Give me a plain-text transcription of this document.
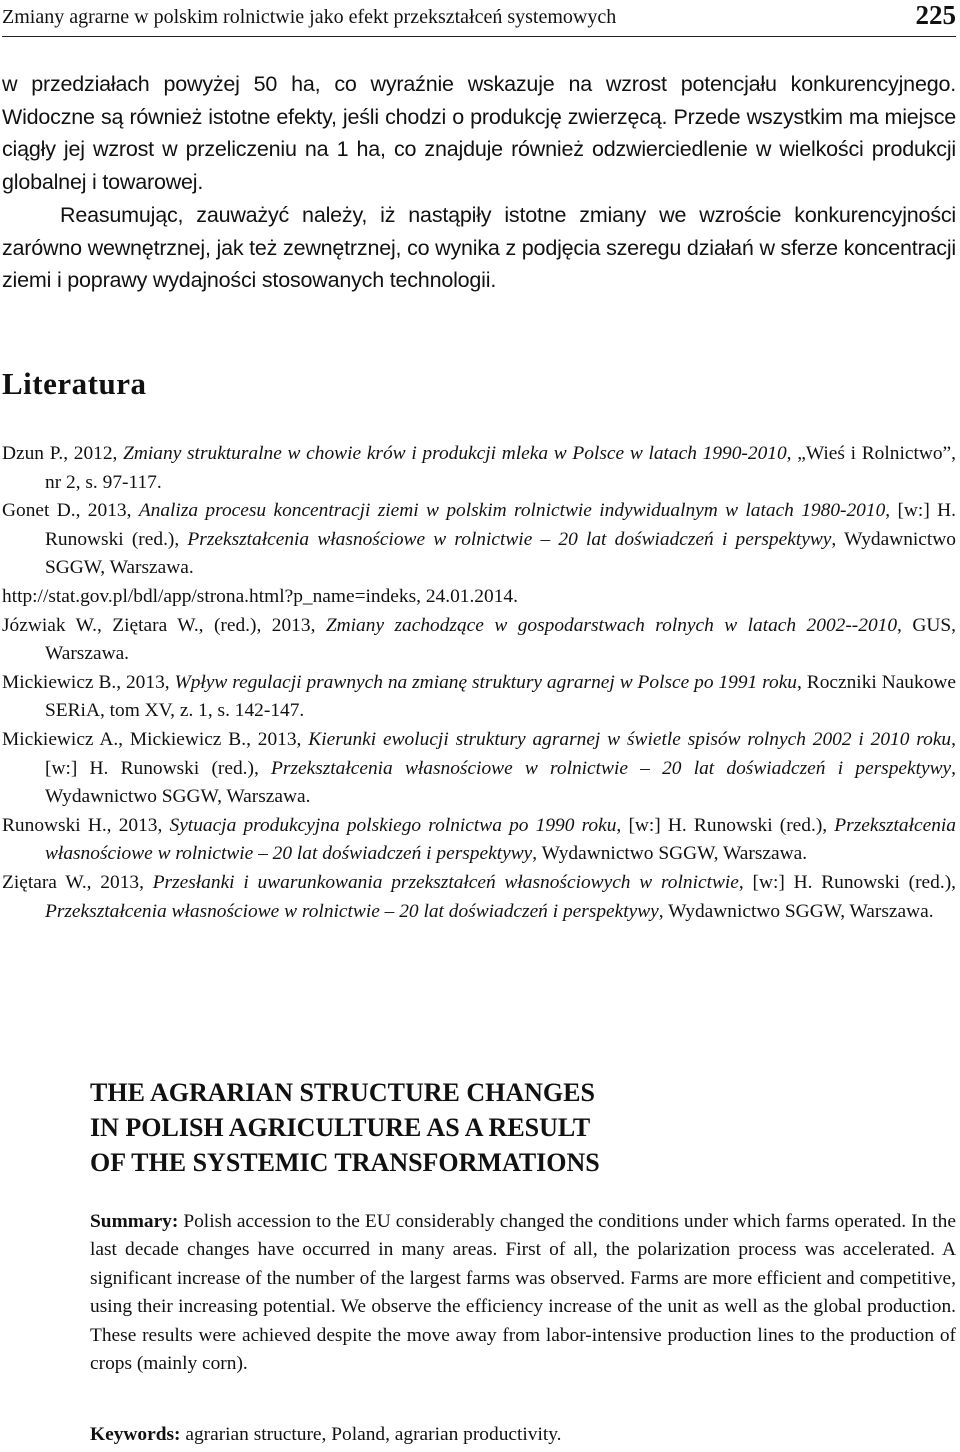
Zmiany agrarne w polskim rolnictwie jako efekt przekształceń systemowych	225

w przedziałach powyżej 50 ha, co wyraźnie wskazuje na wzrost potencjału konkurencyjnego. Widoczne są również istotne efekty, jeśli chodzi o produkcję zwierzęcą. Przede wszystkim ma miejsce ciągły jej wzrost w przeliczeniu na 1 ha, co znajduje również odzwierciedlenie w wielkości produkcji globalnej i towarowej.

Reasumując, zauważyć należy, iż nastąpiły istotne zmiany we wzroście konkurencyjności zarówno wewnętrznej, jak też zewnętrznej, co wynika z podjęcia szeregu działań w sferze koncentracji ziemi i poprawy wydajności stosowanych technologii.

Literatura

Dzun P., 2012, Zmiany strukturalne w chowie krów i produkcji mleka w Polsce w latach 1990-2010, „Wieś i Rolnictwo”, nr 2, s. 97-117.

Gonet D., 2013, Analiza procesu koncentracji ziemi w polskim rolnictwie indywidualnym w latach 1980-2010, [w:] H. Runowski (red.), Przekształcenia własnościowe w rolnictwie – 20 lat doświadczeń i perspektywy, Wydawnictwo SGGW, Warszawa.

http://stat.gov.pl/bdl/app/strona.html?p_name=indeks, 24.01.2014.

Józwiak W., Ziętara W., (red.), 2013, Zmiany zachodzące w gospodarstwach rolnych w latach 2002--2010, GUS, Warszawa.

Mickiewicz B., 2013, Wpływ regulacji prawnych na zmianę struktury agrarnej w Polsce po 1991 roku, Roczniki Naukowe SERiA, tom XV, z. 1, s. 142-147.

Mickiewicz A., Mickiewicz B., 2013, Kierunki ewolucji struktury agrarnej w świetle spisów rolnych 2002 i 2010 roku, [w:] H. Runowski (red.), Przekształcenia własnościowe w rolnictwie – 20 lat doświadczeń i perspektywy, Wydawnictwo SGGW, Warszawa.

Runowski H., 2013, Sytuacja produkcyjna polskiego rolnictwa po 1990 roku, [w:] H. Runowski (red.), Przekształcenia własnościowe w rolnictwie – 20 lat doświadczeń i perspektywy, Wydawnictwo SGGW, Warszawa.

Ziętara W., 2013, Przesłanki i uwarunkowania przekształceń własnościowych w rolnictwie, [w:] H. Runowski (red.), Przekształcenia własnościowe w rolnictwie – 20 lat doświadczeń i perspektywy, Wydawnictwo SGGW, Warszawa.

THE AGRARIAN STRUCTURE CHANGES
IN POLISH AGRICULTURE AS A RESULT
OF THE SYSTEMIC TRANSFORMATIONS

Summary: Polish accession to the EU considerably changed the conditions under which farms operated. In the last decade changes have occurred in many areas. First of all, the polarization process was accelerated. A significant increase of the number of the largest farms was observed. Farms are more efficient and competitive, using their increasing potential. We observe the efficiency increase of the unit as well as the global production. These results were achieved despite the move away from labor-intensive production lines to the production of crops (mainly corn).

Keywords: agrarian structure, Poland, agrarian productivity.
